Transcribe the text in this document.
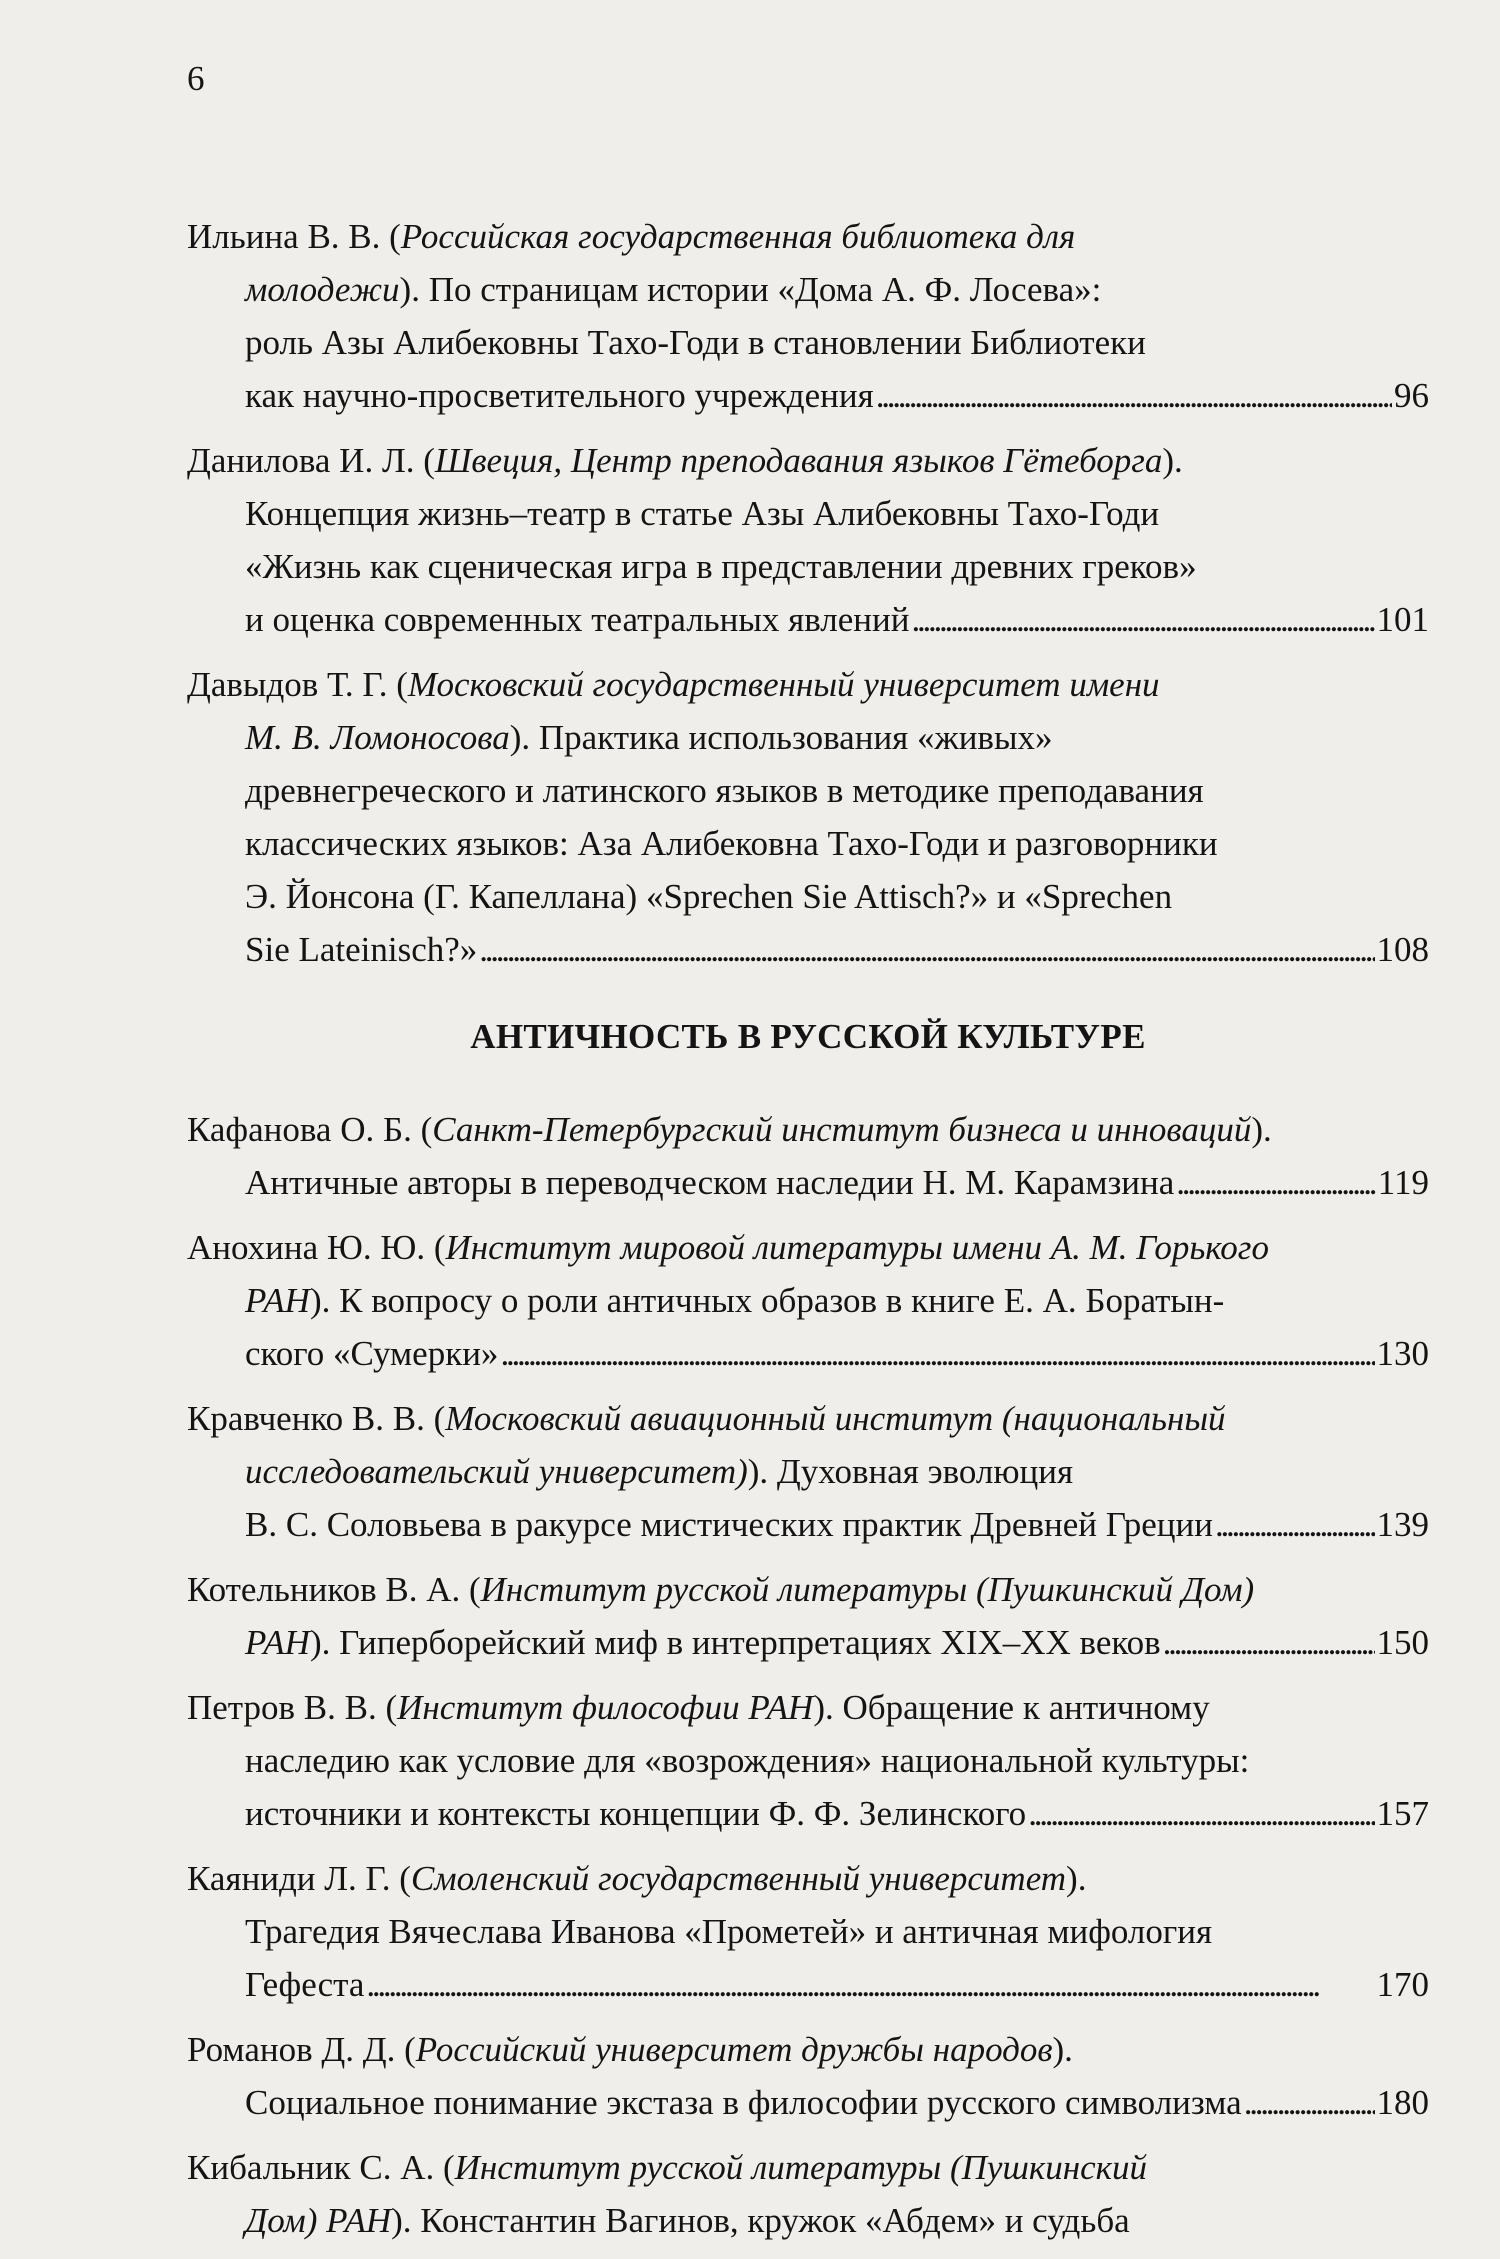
6
Ильина В. В. (Российская государственная библиотека для
молодежи). По страницам истории «Дома А. Ф. Лосева»:
роль Азы Алибековны Тахо-Годи в становлении Библиотеки
как научно-просветительного учреждения . . .	96
Данилова И. Л. (Швеция, Центр преподавания языков Гётеборга).
Концепция жизнь–театр в статье Азы Алибековны Тахо-Годи
«Жизнь как сценическая игра в представлении древних греков»
и оценка современных театральных явлений . . .	101
Давыдов Т. Г. (Московский государственный университет имени
М. В. Ломоносова). Практика использования «живых»
древнегреческого и латинского языков в методике преподавания
классических языков: Аза Алибековна Тахо-Годи и разговорники
Э. Йонсона (Г. Капеллана) «Sprechen Sie Attisch?» и «Sprechen
Sie Lateinisch?» . . .	108
АНТИЧНОСТЬ В РУССКОЙ КУЛЬТУРЕ
Кафанова О. Б. (Санкт-Петербургский институт бизнеса и инноваций).
Античные авторы в переводческом наследии Н. М. Карамзина . . .	119
Анохина Ю. Ю. (Институт мировой литературы имени А. М. Горького
РАН). К вопросу о роли античных образов в книге Е. А. Боратын-
ского «Сумерки» . . .	130
Кравченко В. В. (Московский авиационный институт (национальный
исследовательский университет)). Духовная эволюция
В. С. Соловьева в ракурсе мистических практик Древней Греции . . .	139
Котельников В. А. (Институт русской литературы (Пушкинский Дом)
РАН). Гиперборейский миф в интерпретациях XIX–XX веков . . .	150
Петров В. В. (Институт философии РАН). Обращение к античному
наследию как условие для «возрождения» национальной культуры:
источники и контексты концепции Ф. Ф. Зелинского . . .	157
Каяниди Л. Г. (Смоленский государственный университет).
Трагедия Вячеслава Иванова «Прометей» и античная мифология
Гефеста . . .	170
Романов Д. Д. (Российский университет дружбы народов).
Социальное понимание экстаза в философии русского символизма . . .	180
Кибальник С. А. (Институт русской литературы (Пушкинский
Дом) РАН). Константин Вагинов, кружок «Абдем» и судьба
